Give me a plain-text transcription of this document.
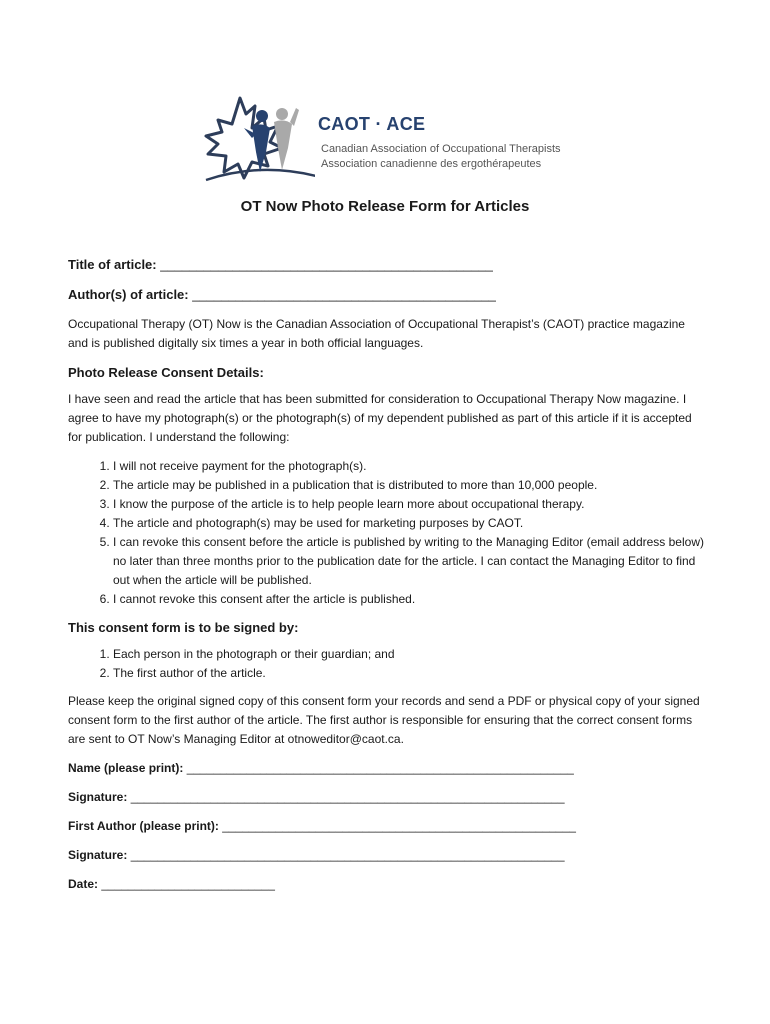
CAOT · ACE
Canadian Association of Occupational Therapists
Association canadienne des ergothérapeutes
OT Now Photo Release Form for Articles
Title of article: ______________________________________________
Author(s) of article: __________________________________________

Occupational Therapy (OT) Now is the Canadian Association of Occupational Therapist’s (CAOT) practice magazine and is published digitally six times a year in both official languages.

Photo Release Consent Details:

I have seen and read the article that has been submitted for consideration to Occupational Therapy Now magazine. I agree to have my photograph(s) or the photograph(s) of my dependent published as part of this article if it is accepted for publication. I understand the following:

1. I will not receive payment for the photograph(s).
2. The article may be published in a publication that is distributed to more than 10,000 people.
3. I know the purpose of the article is to help people learn more about occupational therapy.
4. The article and photograph(s) may be used for marketing purposes by CAOT.
5. I can revoke this consent before the article is published by writing to the Managing Editor (email address below) no later than three months prior to the publication date for the article. I can contact the Managing Editor to find out when the article will be published.
6. I cannot revoke this consent after the article is published.
This consent form is to be signed by:
1. Each person in the photograph or their guardian; and
2. The first author of the article.

Please keep the original signed copy of this consent form your records and send a PDF or physical copy of your signed consent form to the first author of the article. The first author is responsible for ensuring that the correct consent forms are sent to OT Now’s Managing Editor at otnoweditor@caot.ca.

Name (please print): __________________________________________________________
Signature: _________________________________________________________________
First Author (please print): _____________________________________________________
Signature: _________________________________________________________________
Date: __________________________
